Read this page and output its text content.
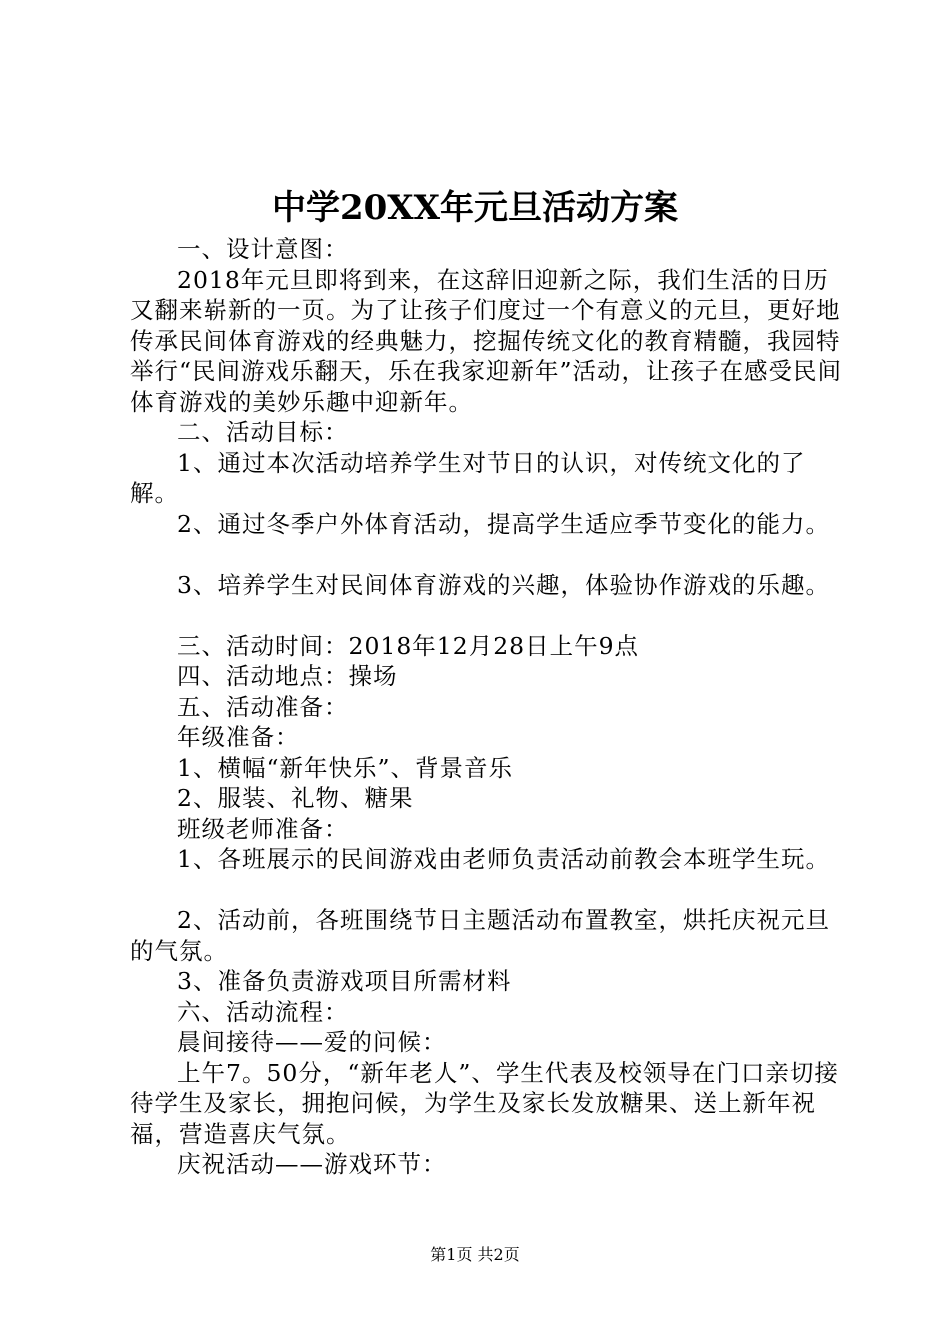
中学20XX年元旦活动方案

一、设计意图：

2018年元旦即将到来，在这辞旧迎新之际，我们生活的日历又翻来崭新的一页。为了让孩子们度过一个有意义的元旦，更好地传承民间体育游戏的经典魅力，挖掘传统文化的教育精髓，我园特举行“民间游戏乐翻天，乐在我家迎新年”活动，让孩子在感受民间体育游戏的美妙乐趣中迎新年。

二、活动目标：

1、通过本次活动培养学生对节日的认识，对传统文化的了解。

2、通过冬季户外体育活动，提高学生适应季节变化的能力。

3、培养学生对民间体育游戏的兴趣，体验协作游戏的乐趣。

三、活动时间：2018年12月28日上午9点

四、活动地点：操场

五、活动准备：

年级准备：

1、横幅“新年快乐”、背景音乐

2、服装、礼物、糖果

班级老师准备：

1、各班展示的民间游戏由老师负责活动前教会本班学生玩。

2、活动前，各班围绕节日主题活动布置教室，烘托庆祝元旦的气氛。

3、准备负责游戏项目所需材料

六、活动流程：

晨间接待——爱的问候：

上午7。50分，“新年老人”、学生代表及校领导在门口亲切接待学生及家长，拥抱问候，为学生及家长发放糖果、送上新年祝福，营造喜庆气氛。

庆祝活动——游戏环节：

第1页 共2页
